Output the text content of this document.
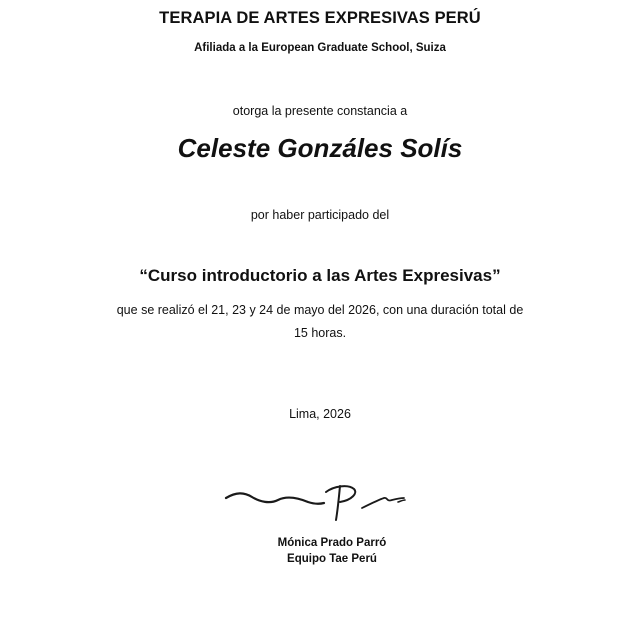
TERAPIA DE ARTES EXPRESIVAS PERÚ
Afiliada a la European Graduate School, Suiza
otorga la presente constancia a
Celeste Gonzáles Solís
por haber participado del
“Curso introductorio a las Artes Expresivas”
que se realizó el 21, 23 y 24 de mayo del 2026, con una duración total de 15 horas.
Lima, 2026
Mónica Prado Parró
Equipo Tae Perú
